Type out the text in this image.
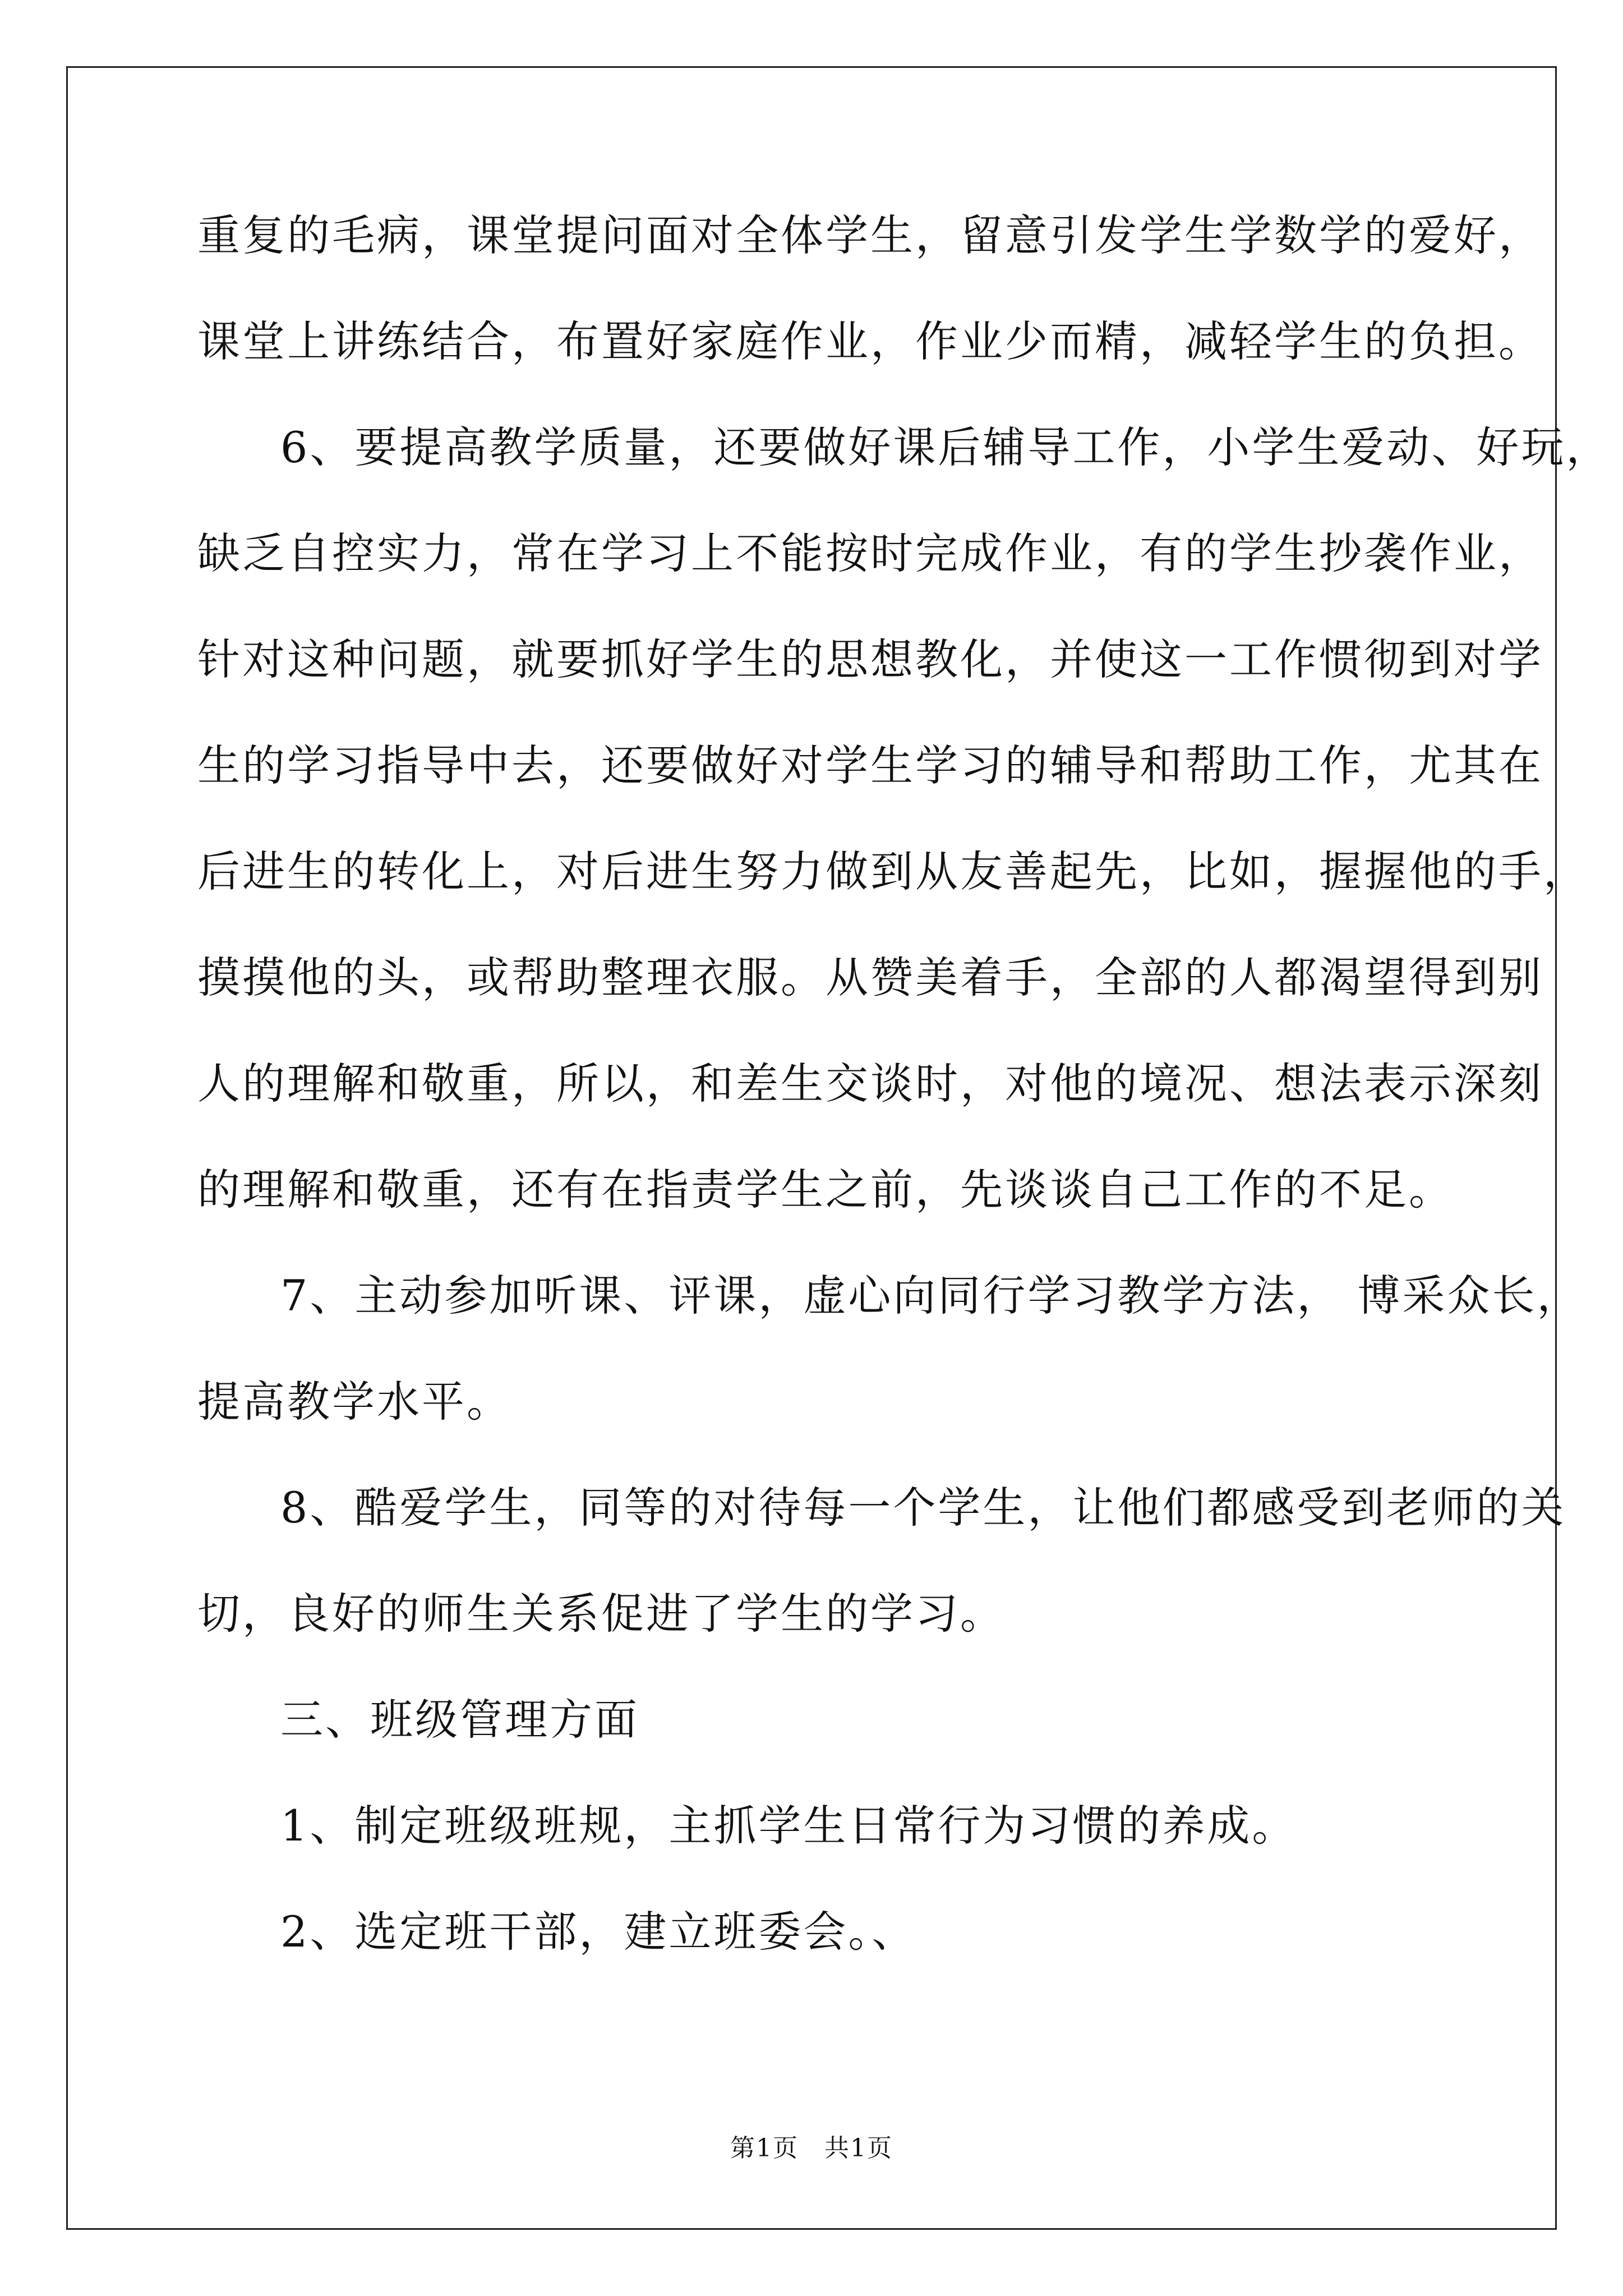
重复的毛病，课堂提问面对全体学生，留意引发学生学数学的爱好，
课堂上讲练结合，布置好家庭作业，作业少而精，减轻学生的负担。
6、要提高教学质量，还要做好课后辅导工作，小学生爱动、好玩，
缺乏自控实力，常在学习上不能按时完成作业，有的学生抄袭作业，
针对这种问题，就要抓好学生的思想教化，并使这一工作惯彻到对学
生的学习指导中去，还要做好对学生学习的辅导和帮助工作，尤其在
后进生的转化上，对后进生努力做到从友善起先，比如，握握他的手，
摸摸他的头，或帮助整理衣服。从赞美着手，全部的人都渴望得到别
人的理解和敬重，所以，和差生交谈时，对他的境况、想法表示深刻
的理解和敬重，还有在指责学生之前，先谈谈自己工作的不足。
7、主动参加听课、评课，虚心向同行学习教学方法， 博采众长，
提高教学水平。
8、酷爱学生，同等的对待每一个学生，让他们都感受到老师的关
切，良好的师生关系促进了学生的学习。
三、班级管理方面
1、制定班级班规，主抓学生日常行为习惯的养成。
2、选定班干部，建立班委会。、
第1页　共1页
